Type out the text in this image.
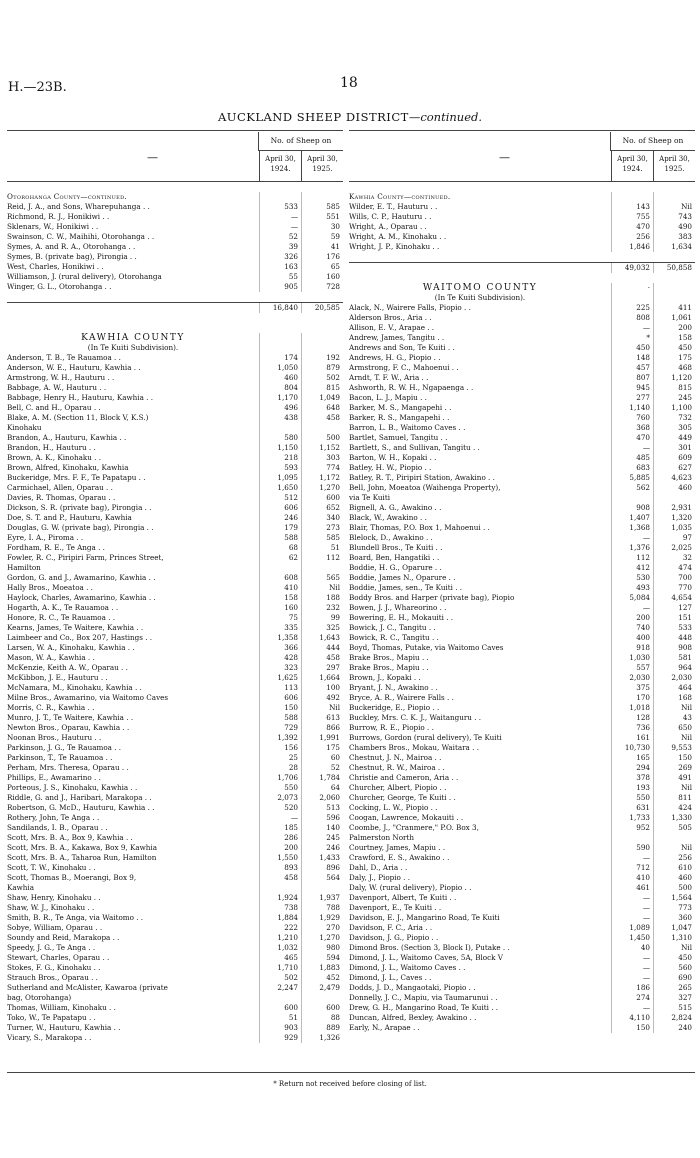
H.—23B.	18
AUCKLAND SHEEP DISTRICT—continued.
—
No. of Sheep on
April 30,
1924.
April 30,
1925.
Otorohanga County—continued.
Reid, J. A., and Sons, Wharepuhanga . .	533	585
Richmond, R. J., Honikiwi . .	—	551
Sklenars, W., Honikiwi . .	—	30
Swainson, C. W., Maihihi, Otorohanga . .	52	59
Symes, A. and R. A., Otorohanga . .	39	41
Symes, B. (private bag), Pirongia . .	326	176
West, Charles, Honikiwi . .	163	65
Williamson, J. (rural delivery), Otorohanga	55	160
Winger, G. L., Otorohanga . .	905	728
16,840	20,585
KAWHIA COUNTY
(In Te Kuiti Subdivision).
Anderson, T. B., Te Rauamoa . .	174	192
Anderson, W. E., Hauturu, Kawhia . .	1,050	879
Armstrong, W. H., Hauturu . .	460	502
Babbage, A. W., Hauturu . .	804	815
Babbage, Henry H., Hauturu, Kawhia . .	1,170	1,049
Bell, C. and H., Oparau . .	496	648
Blake, A. M. (Section 11, Block V, K.S.)	438	458
Kinohaku
Brandon, A., Hauturu, Kawhia . .	580	500
Brandon, H., Hauturu . .	1,150	1,152
Brown, A. K., Kinohaku . .	218	303
Brown, Alfred, Kinohaku, Kawhia	593	774
Buckeridge, Mrs. F. F., Te Papatapu . .	1,095	1,172
Carmichael, Allen, Oparau . .	1,650	1,270
Davies, R. Thomas, Oparau . .	512	600
Dickson, S. R. (private bag), Pirongia . .	606	652
Doe, S. T. and P., Hauturu, Kawhia	246	340
Douglas, G. W. (private bag), Pirongia . .	179	273
Eyre, I. A., Piroma . .	588	585
Fordham, R. E., Te Anga . .	68	51
Fowler, R. C., Piripiri Farm, Princes Street,	62	112
Hamilton
Gordon, G. and J., Awamarino, Kawhia . .	608	565
Hally Bros., Moeatoa . .	410	Nil
Haylock, Charles, Awamarino, Kawhia . .	158	188
Hogarth, A. K., Te Rauamoa . .	160	232
Honore, R. C., Te Rauamoa . .	75	99
Kearns, James, Te Waitere, Kawhia . .	335	325
Laimbeer and Co., Box 207, Hastings . .	1,358	1,643
Larsen, W. A., Kinohaku, Kawhia . .	366	444
Mason, W. A., Kawhia . .	428	458
McKenzie, Keith A. W., Oparau . .	323	297
McKibbon, J. E., Hauturu . .	1,625	1,664
McNamara, M., Kinohaku, Kawhia . .	113	100
Milne Bros., Awamarino, via Waitomo Caves	606	492
Morris, C. R., Kawhia . .	150	Nil
Munro, J. T., Te Waitere, Kawhia . .	588	613
Newton Bros., Oparau, Kawhia . .	729	866
Noonan Bros., Hauturu . .	1,392	1,991
Parkinson, J. G., Te Rauamoa . .	156	175
Parkinson, T., Te Rauamoa . .	25	60
Perham, Mrs. Theresa, Oparau . .	28	52
Phillips, E., Awamarino . .	1,706	1,784
Porteous, J. S., Kinohaku, Kawhia . .	550	64
Riddle, G. and J., Haribari, Marakopa . .	2,073	2,060
Robertson, G. McD., Hauturu, Kawhia . .	520	513
Rothery, John, Te Anga . .	—	596
Sandilands, I. B., Oparau . .	185	140
Scott, Mrs. B. A., Box 9, Kawhia . .	286	245
Scott, Mrs. B. A., Kakawa, Box 9, Kawhia	200	246
Scott, Mrs. B. A., Taharoa Run, Hamilton	1,550	1,433
Scott, T. W., Kinohaku . .	893	896
Scott, Thomas B., Moerangi, Box 9,	458	564
Kawhia
Shaw, Henry, Kinohaku . .	1,924	1,937
Shaw, W. J., Kinohaku . .	738	788
Smith, B. R., Te Anga, via Waitomo . .	1,884	1,929
Sobye, William, Oparau . .	222	270
Soundy and Reid, Marakopa . .	1,210	1,270
Speedy, J. G., Te Anga . .	1,032	980
Stewart, Charles, Oparau . .	465	594
Stokes, F. G., Kinohaku . .	1,710	1,883
Strauch Bros., Oparau . .	502	452
Sutherland and McAlister, Kawaroa (private	2,247	2,479
bag, Otorohanga)
Thomas, William, Kinohaku . .	600	600
Toko, W., Te Papatapu . .	51	88
Turner, W., Hauturu, Kawhia . .	903	889
Vicary, S., Marakopa . .	929	1,326
—
No. of Sheep on
April 30,
1924.
April 30,
1925.
Kawhia County—continued.
Wilder, E. T., Hauturu . .	143	Nil
Wills, C. P., Hauturu . .	755	743
Wright, A., Oparau . .	470	490
Wright, A. M., Kinohaku . .	256	383
Wright, J. P., Kinohaku . .	1,846	1,634
49,032	50,858
WAITOMO COUNTY	·
(In Te Kuiti Subdivision).
Alack, N., Wairere Falls, Piopio . .	225	411
Alderson Bros., Aria . .	808	1,061
Allison, E. V., Arapae . .	—	200
Andrew, James, Tangitu . .	*	158
Andrews and Son, Te Kuiti . .	450	450
Andrews, H. G., Piopio . .	148	175
Armstrong, F. C., Mahoenui . .	457	468
Arndt, T. F. W., Aria . .	807	1,120
Ashworth, R. W. H., Ngapaenga . .	945	815
Bacon, L. J., Mapiu . .	277	245
Barker, M. S., Mangapehi . .	1,140	1,100
Barker, R. S., Mangapehi . .	760	732
Barron, L. B., Waitomo Caves . .	368	305
Bartlet, Samuel, Tangitu . .	470	449
Bartlett, S., and Sullivan, Tangitu . .	—	301
Barton, W. H., Kopaki . .	485	609
Batley, H. W., Piopio . .	683	627
Batley, R. T., Piripiri Station, Awakino . .	5,885	4,623
Bell, John, Moeatoa (Waihenga Property),	562	460
via Te Kuiti
Bignell, A. G., Awakino . .	908	2,931
Black, W., Awakino . .	1,407	1,320
Blair, Thomas, P.O. Box 1, Mahoenui . .	1,368	1,035
Blelock, D., Awakino . .	—	97
Blundell Bros., Te Kuiti . .	1,376	2,025
Board, Ben, Hangatiki . .	112	32
Boddie, H. G., Oparure . .	412	474
Boddie, James N., Oparure . .	530	700
Boddie, James, sen., Te Kuiti . .	493	770
Boddy Bros. and Harper (private bag), Piopio	5,084	4,654
Bowen, J. J., Whareorino . .	—	127
Bowering, E. H., Mokauiti . .	200	151
Bowick, J. C., Tangitu . .	740	533
Bowick, R. C., Tangitu . .	400	448
Boyd, Thomas, Putake, via Waitomo Caves	918	908
Brake Bros., Mapiu . .	1,030	581
Brake Bros., Mapiu . .	557	964
Brown, J., Kopaki . .	2,030	2,030
Bryant, J. N., Awakino . .	375	464
Bryce, A. R., Wairere Falls . .	170	168
Buckeridge, E., Piopio . .	1,018	Nil
Buckley, Mrs. C. K. J., Waitanguru . .	128	43
Burrow, R. E., Piopio . .	736	650
Burrows, Gordon (rural delivery), Te Kuiti	161	Nil
Chambers Bros., Mokau, Waitara . .	10,730	9,553
Chestnut, J. N., Mairoa . .	165	150
Chestnut, R. W., Mairoa . .	294	269
Christie and Cameron, Aria . .	378	491
Churcher, Albert, Piopio . .	193	Nil
Churcher, George, Te Kuiti . .	550	811
Cocking, L. W., Piopio . .	631	424
Coogan, Lawrence, Mokauiti . .	1,733	1,330
Coombe, J., "Cranmere," P.O. Box 3,	952	505
Palmerston North
Courtney, James, Mapiu . .	590	Nil
Crawford, E. S., Awakino . .	—	256
Dahl, D., Aria . .	712	610
Daly, J., Piopio . .	410	460
Daly, W. (rural delivery), Piopio . .	461	500
Davenport, Albert, Te Kuiti . .	—	1,564
Davenport, E., Te Kuiti . .	—	773
Davidson, E. J., Mangarino Road, Te Kuiti	—	360
Davidson, F. C., Aria . .	1,089	1,047
Davidson, J. G., Piopio . .	1,450	1,310
Dimond Bros. (Section 3, Block I), Putake . .	40	Nil
Dimond, J. L., Waitomo Caves, 5A, Block V	—	450
Dimond, J. L., Waitomo Caves . .	—	560
Dimond, J. L., Caves . .	—	690
Dodds, J. D., Mangaotaki, Piopio . .	186	265
Donnelly, J. C., Mapiu, via Taumarunui . .	274	327
Drew, G. H., Mangarino Road, Te Kuiti . .	—	515
Duncan, Alfred, Bexley, Awakino . .	4,110	2,824
Early, N., Arapae . .	150	240
* Return not received before closing of list.
